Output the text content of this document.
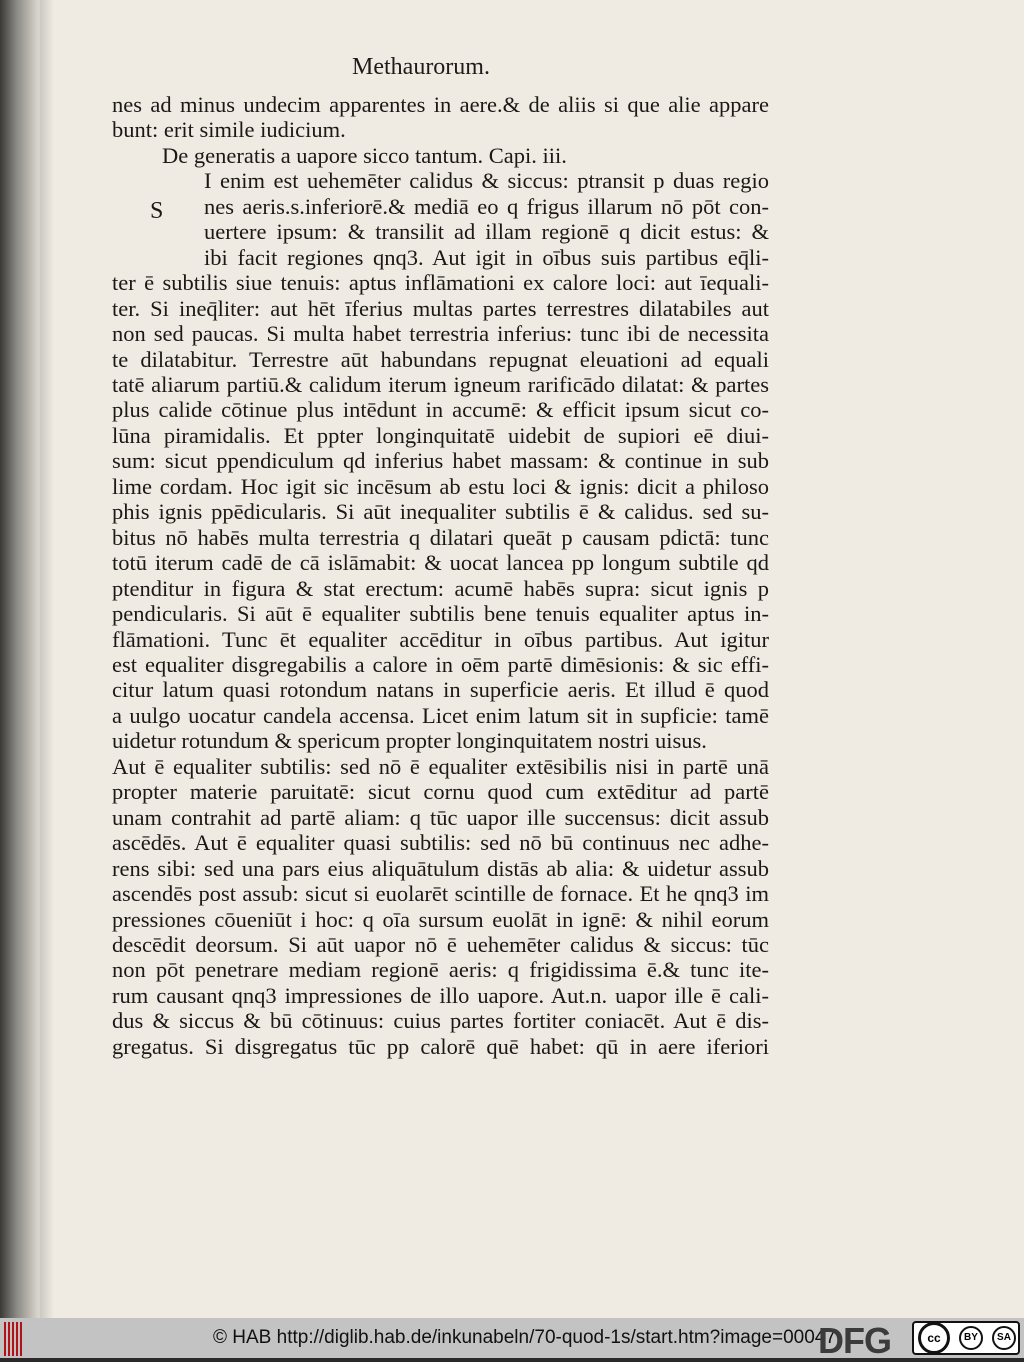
Methaurorum.
S
nes ad minus undecim apparentes in aere.& de aliis si que alie appare
bunt: erit simile iudicium.
De generatis a uapore sicco tantum. Capi. iii.
I enim est uehemēter calidus & siccus: ptransit p duas regio
nes aeris.s.inferiorē.& mediā eo q frigus illarum nō pōt con-
uertere ipsum: & transilit ad illam regionē q dicit estus: &
ibi facit regiones qnq3. Aut igit in oībus suis partibus eq̄li-
ter ē subtilis siue tenuis: aptus inflāmationi ex calore loci: aut īequali-
ter. Si ineq̄liter: aut hēt īferius multas partes terrestres dilatabiles aut
non sed paucas. Si multa habet terrestria inferius: tunc ibi de necessita
te dilatabitur. Terrestre aūt habundans repugnat eleuationi ad equali
tatē aliarum partiū.& calidum iterum igneum rarificādo dilatat: & partes
plus calide cōtinue plus intēdunt in accumē: & efficit ipsum sicut co-
lūna piramidalis. Et ppter longinquitatē uidebit de supiori eē diui-
sum: sicut ppendiculum qd inferius habet massam: & continue in sub
lime cordam. Hoc igit sic incēsum ab estu loci & ignis: dicit a philoso
phis ignis ppēdicularis. Si aūt inequaliter subtilis ē & calidus. sed su-
bitus nō habēs multa terrestria q dilatari queāt p causam pdictā: tunc
totū iterum cadē de cā islāmabit: & uocat lancea pp longum subtile qd
ptenditur in figura & stat erectum: acumē habēs supra: sicut ignis p
pendicularis. Si aūt ē equaliter subtilis bene tenuis equaliter aptus in-
flāmationi. Tunc ēt equaliter accēditur in oībus partibus. Aut igitur
est equaliter disgregabilis a calore in oēm partē dimēsionis: & sic effi-
citur latum quasi rotondum natans in superficie aeris. Et illud ē quod
a uulgo uocatur candela accensa. Licet enim latum sit in supficie: tamē
uidetur rotundum & spericum propter longinquitatem nostri uisus.
Aut ē equaliter subtilis: sed nō ē equaliter extēsibilis nisi in partē unā
propter materie paruitatē: sicut cornu quod cum extēditur ad partē
unam contrahit ad partē aliam: q tūc uapor ille succensus: dicit assub
ascēdēs. Aut ē equaliter quasi subtilis: sed nō bū continuus nec adhe-
rens sibi: sed una pars eius aliquātulum distās ab alia: & uidetur assub
ascendēs post assub: sicut si euolarēt scintille de fornace. Et he qnq3 im
pressiones cōueniūt i hoc: q oīa sursum euolāt in ignē: & nihil eorum
descēdit deorsum. Si aūt uapor nō ē uehemēter calidus & siccus: tūc
non pōt penetrare mediam regionē aeris: q frigidissima ē.& tunc ite-
rum causant qnq3 impressiones de illo uapore. Aut.n. uapor ille ē cali-
dus & siccus & bū cōtinuus: cuius partes fortiter coniacēt. Aut ē dis-
gregatus. Si disgregatus tūc pp calorē quē habet: qū in aere iferiori
© HAB http://diglib.hab.de/inkunabeln/70-quod-1s/start.htm?image=00047
DFG	cc	BY	SA
